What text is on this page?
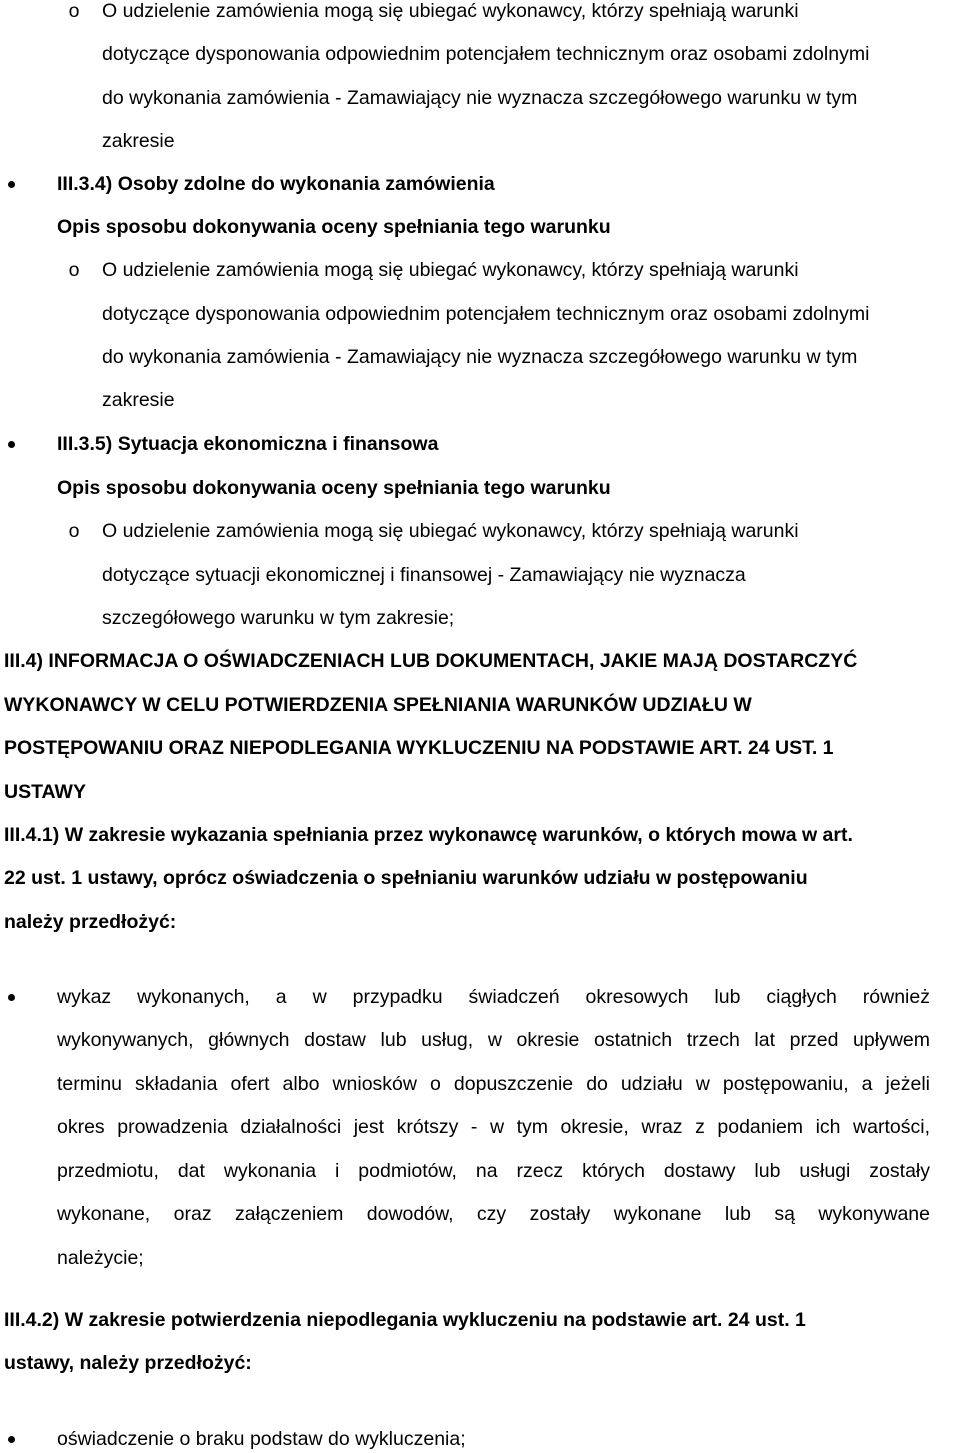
o O udzielenie zamówienia mogą się ubiegać wykonawcy, którzy spełniają warunki
dotyczące dysponowania odpowiednim potencjałem technicznym oraz osobami zdolnymi
do wykonania zamówienia - Zamawiający nie wyznacza szczegółowego warunku w tym
zakresie
III.3.4) Osoby zdolne do wykonania zamówienia
Opis sposobu dokonywania oceny spełniania tego warunku
o O udzielenie zamówienia mogą się ubiegać wykonawcy, którzy spełniają warunki
dotyczące dysponowania odpowiednim potencjałem technicznym oraz osobami zdolnymi
do wykonania zamówienia - Zamawiający nie wyznacza szczegółowego warunku w tym
zakresie
III.3.5) Sytuacja ekonomiczna i finansowa
Opis sposobu dokonywania oceny spełniania tego warunku
o O udzielenie zamówienia mogą się ubiegać wykonawcy, którzy spełniają warunki
dotyczące sytuacji ekonomicznej i finansowej - Zamawiający nie wyznacza
szczegółowego warunku w tym zakresie;
III.4) INFORMACJA O OŚWIADCZENIACH LUB DOKUMENTACH, JAKIE MAJĄ DOSTARCZYĆ
WYKONAWCY W CELU POTWIERDZENIA SPEŁNIANIA WARUNKÓW UDZIAŁU W
POSTĘPOWANIU ORAZ NIEPODLEGANIA WYKLUCZENIU NA PODSTAWIE ART. 24 UST. 1
USTAWY
III.4.1) W zakresie wykazania spełniania przez wykonawcę warunków, o których mowa w art.
22 ust. 1 ustawy, oprócz oświadczenia o spełnianiu warunków udziału w postępowaniu
należy przedłożyć:
wykaz wykonanych, a w przypadku świadczeń okresowych lub ciągłych również
wykonywanych, głównych dostaw lub usług, w okresie ostatnich trzech lat przed upływem
terminu składania ofert albo wniosków o dopuszczenie do udziału w postępowaniu, a jeżeli
okres prowadzenia działalności jest krótszy - w tym okresie, wraz z podaniem ich wartości,
przedmiotu, dat wykonania i podmiotów, na rzecz których dostawy lub usługi zostały
wykonane, oraz załączeniem dowodów, czy zostały wykonane lub są wykonywane
należycie;
III.4.2) W zakresie potwierdzenia niepodlegania wykluczeniu na podstawie art. 24 ust. 1
ustawy, należy przedłożyć:
oświadczenie o braku podstaw do wykluczenia;
